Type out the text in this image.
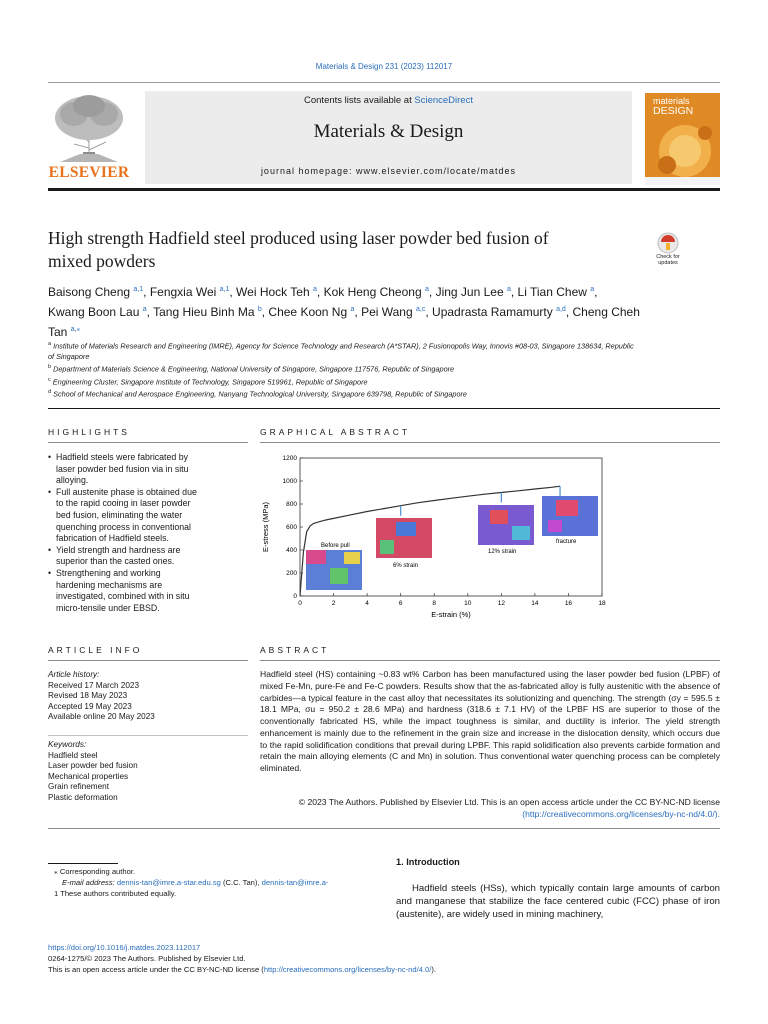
Materials & Design 231 (2023) 112017
ELSEVIER
Contents lists available at ScienceDirect
Materials & Design
journal homepage: www.elsevier.com/locate/matdes
materials
DESIGN
High strength Hadfield steel produced using laser powder bed fusion of
mixed powders	Check for
updates
Baisong Cheng $^{a,1}$, Fengxia Wei $^{a,1}$, Wei Hock Teh $^a$, Kok Heng Cheong $^a$, Jing Jun Lee $^a$, Li Tian Chew $^a$,
Kwang Boon Lau $^a$, Tang Hieu Binh Ma $^b$, Chee Koon Ng $^a$, Pei Wang $^{a,c}$, Upadrasta Ramamurty $^{a,d}$, Cheng Cheh
Tan $^{a,⁎}$
$^a$ Institute of Materials Research and Engineering (IMRE), Agency for Science Technology and Research (A*STAR), 2 Fusionopolis Way, Innovis #08-03, Singapore 138634, Republic
of Singapore
$^b$ Department of Materials Science & Engineering, National University of Singapore, Singapore 117576, Republic of Singapore
$^c$ Engineering Cluster, Singapore Institute of Technology, Singapore 519961, Republic of Singapore
$^d$ School of Mechanical and Aerospace Engineering, Nanyang Technological University, Singapore 639798, Republic of Singapore
HIGHLIGHTS
• Hadfield steels were fabricated by
laser powder bed fusion via in situ
alloying.
• Full austenite phase is obtained due
to the rapid cooing in laser powder
bed fusion, eliminating the water
quenching process in conventional
fabrication of Hadfield steels.
• Yield strength and hardness are
superior than the casted ones.
• Strengthening and working
hardening mechanisms are
investigated, combined with in situ
micro-tensile under EBSD.
GRAPHICAL ABSTRACT
0	2	4	6	8	10	12	14	16	18
0
200
400
600
800
1000
1200
Before pull
6% strain
12% strain
fracture
E-strain (%)
E-stress (MPa)
ARTICLE INFO
Article history:
Received 17 March 2023
Revised 18 May 2023
Accepted 19 May 2023
Available online 20 May 2023
Keywords:
Hadfield steel
Laser powder bed fusion
Mechanical properties
Grain refinement
Plastic deformation
ABSTRACT
Hadfield steel (HS) containing ~0.83 wt% Carbon has been manufactured using the laser powder bed fusion (LPBF) of mixed Fe-Mn, pure-Fe and Fe-C powders. Results show that the as-fabricated alloy is fully austenitic with the absence of carbides—a typical feature in the cast alloy that necessitates its solutionizing and quenching. The strength (σy = 595.5 ± 18.1 MPa, σu = 950.2 ± 28.6 MPa) and hardness (318.6 ± 7.1 HV) of the LPBF HS are superior to those of the conventionally fabricated HS, while the impact toughness is similar, and ductility is inferior. The yield strength enhancement is mainly due to the refinement in the grain size and increase in the dislocation density, which occurs due to the rapid solidification conditions that prevail during LPBF. This rapid solidification also prevents carbide formation and retain the main alloying elements (C and Mn) in solution. Thus conventional water quenching process can be completely eliminated.
© 2023 The Authors. Published by Elsevier Ltd. This is an open access article under the CC BY-NC-ND license
(http://creativecommons.org/licenses/by-nc-nd/4.0/).
1. Introduction
Hadfield steels (HSs), which typically contain large amounts of carbon and manganese that stabilize the face centered cubic (FCC) phase of iron (austenite), are widely used in mining machinery,
⁎ Corresponding author.
E-mail address: dennis-tan@imre.a-star.edu.sg (C.C. Tan), dennis-tan@imre.a-
1 These authors contributed equally.
https://doi.org/10.1016/j.matdes.2023.112017
0264-1275/© 2023 The Authors. Published by Elsevier Ltd.
This is an open access article under the CC BY-NC-ND license (http://creativecommons.org/licenses/by-nc-nd/4.0/).
